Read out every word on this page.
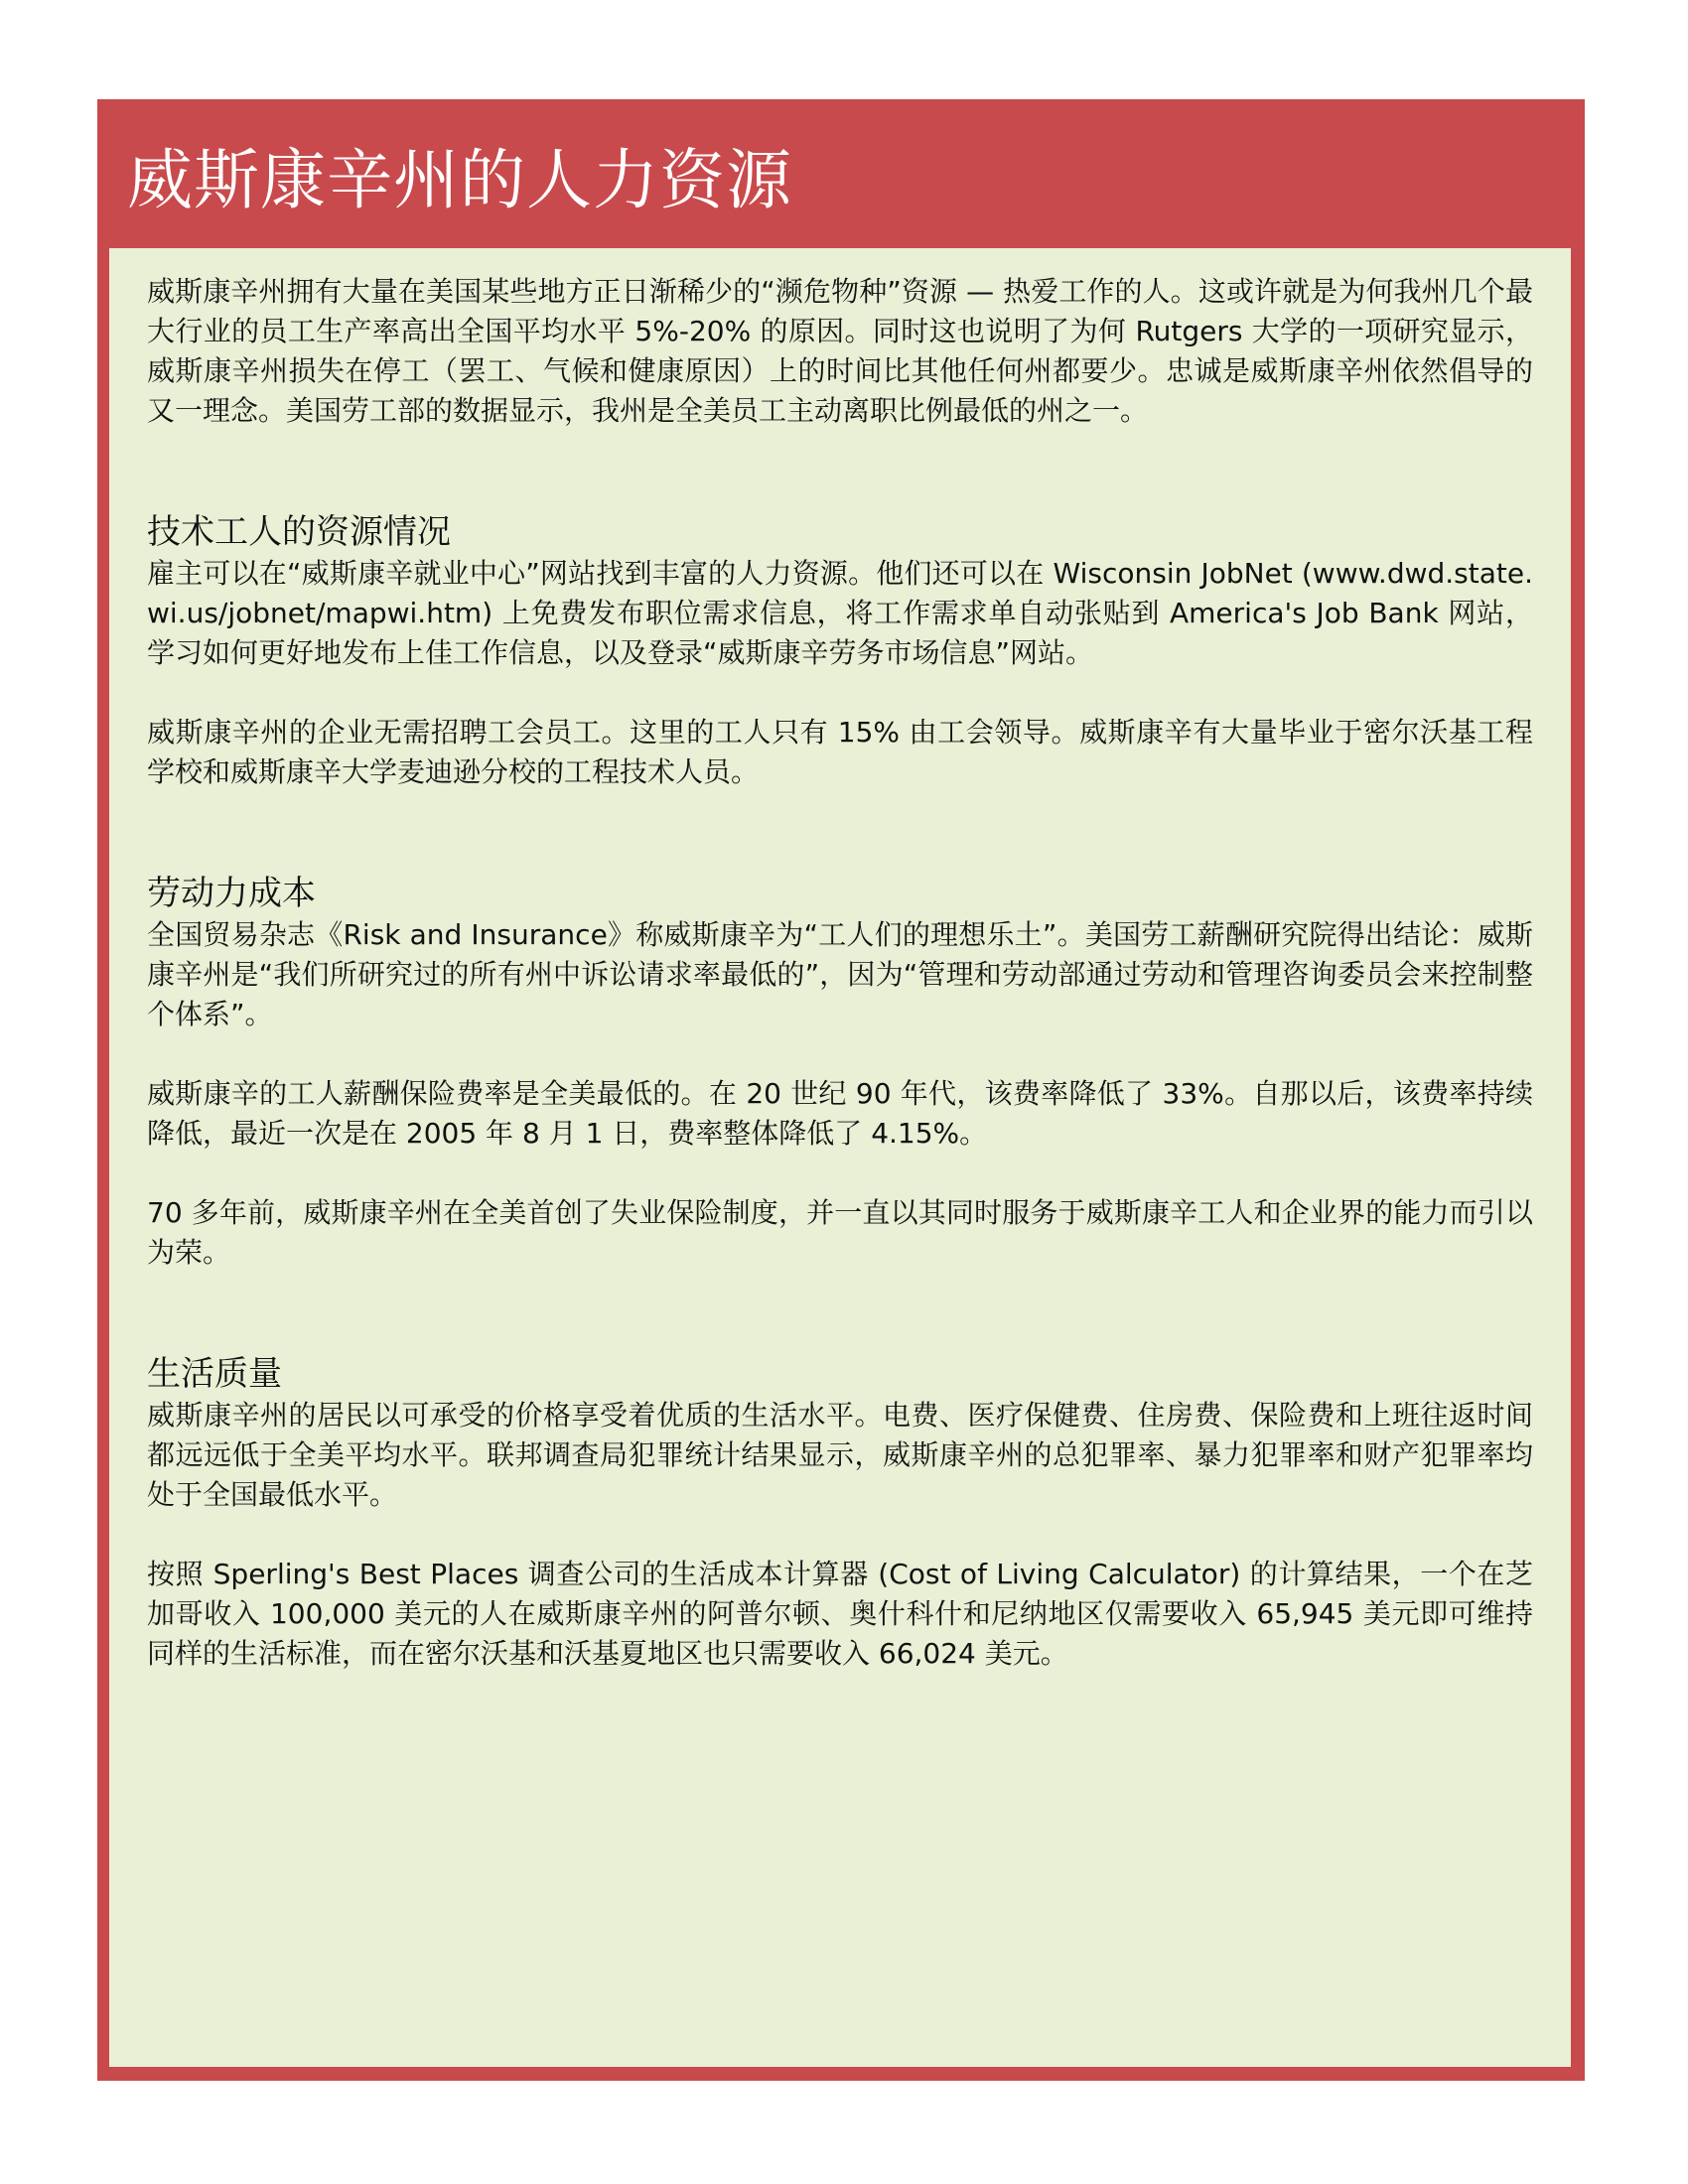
威斯康辛州的人力资源

威斯康辛州拥有大量在美国某些地方正日渐稀少的“濒危物种”资源 — 热爱工作的人。这或许就是为何我州几个最大行业的员工生产率高出全国平均水平 5%-20% 的原因。同时这也说明了为何 Rutgers 大学的一项研究显示，威斯康辛州损失在停工（罢工、气候和健康原因）上的时间比其他任何州都要少。忠诚是威斯康辛州依然倡导的又一理念。美国劳工部的数据显示，我州是全美员工主动离职比例最低的州之一。

技术工人的资源情况

雇主可以在“威斯康辛就业中心”网站找到丰富的人力资源。他们还可以在 Wisconsin JobNet (www.dwd.state.wi.us/jobnet/mapwi.htm) 上免费发布职位需求信息，将工作需求单自动张贴到 America's Job Bank 网站，学习如何更好地发布上佳工作信息，以及登录“威斯康辛劳务市场信息”网站。

威斯康辛州的企业无需招聘工会员工。这里的工人只有 15% 由工会领导。威斯康辛有大量毕业于密尔沃基工程学校和威斯康辛大学麦迪逊分校的工程技术人员。

劳动力成本

全国贸易杂志《Risk and Insurance》称威斯康辛为“工人们的理想乐土”。美国劳工薪酬研究院得出结论：威斯康辛州是“我们所研究过的所有州中诉讼请求率最低的”，因为“管理和劳动部通过劳动和管理咨询委员会来控制整个体系”。

威斯康辛的工人薪酬保险费率是全美最低的。在 20 世纪 90 年代，该费率降低了 33%。自那以后，该费率持续降低，最近一次是在 2005 年 8 月 1 日，费率整体降低了 4.15%。

70 多年前，威斯康辛州在全美首创了失业保险制度，并一直以其同时服务于威斯康辛工人和企业界的能力而引以为荣。

生活质量

威斯康辛州的居民以可承受的价格享受着优质的生活水平。电费、医疗保健费、住房费、保险费和上班往返时间都远远低于全美平均水平。联邦调查局犯罪统计结果显示，威斯康辛州的总犯罪率、暴力犯罪率和财产犯罪率均处于全国最低水平。

按照 Sperling's Best Places 调查公司的生活成本计算器 (Cost of Living Calculator) 的计算结果，一个在芝加哥收入 100,000 美元的人在威斯康辛州的阿普尔顿、奥什科什和尼纳地区仅需要收入 65,945 美元即可维持同样的生活标准，而在密尔沃基和沃基夏地区也只需要收入 66,024 美元。
